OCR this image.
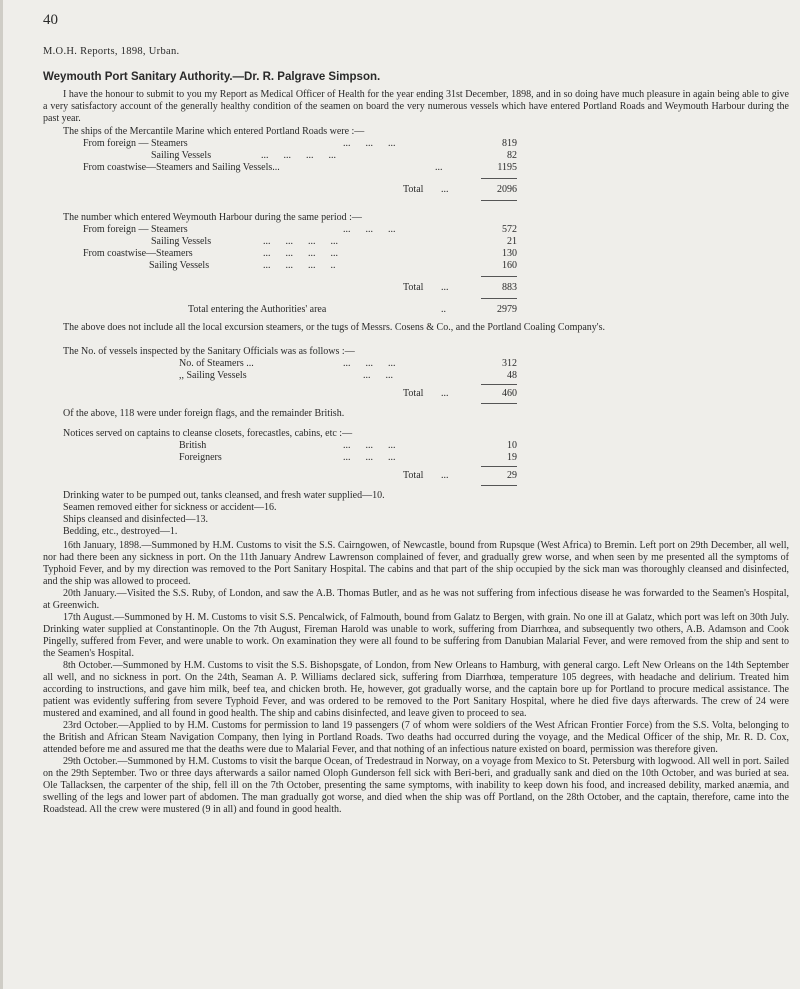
40
M.O.H. Reports, 1898, Urban.
Weymouth Port Sanitary Authority.—Dr. R. Palgrave Simpson.

I have the honour to submit to you my Report as Medical Officer of Health for the year ending 31st December, 1898, and in so doing have much pleasure in again being able to give a very satisfactory account of the generally healthy condition of the seamen on board the very numerous vessels which have entered Portland Roads and Weymouth Harbour during the past year.

The ships of the Mercantile Marine which entered Portland Roads were :—
From foreign — Steamers	...      ...      ...	819
Sailing Vessels	...      ...      ...      ...	82
From coastwise—Steamers and Sailing Vessels...	...	1195
Total ...	2096
The number which entered Weymouth Harbour during the same period :—
From foreign — Steamers	...      ...      ...	572
Sailing Vessels	...      ...      ...      ...	21
From coastwise—Steamers	...      ...      ...      ...	130
Sailing Vessels	...      ...      ...      ..	160
Total ...	883
Total entering the Authorities' area	..	2979

The above does not include all the local excursion steamers, or the tugs of Messrs. Cosens & Co., and the Portland Coaling Company's.

The No. of vessels inspected by the Sanitary Officials was as follows :—
No. of Steamers ...	...      ...      ...	312
,, Sailing Vessels	...      ...	48
Total ...	460
Of the above, 118 were under foreign flags, and the remainder British.
Notices served on captains to cleanse closets, forecastles, cabins, etc :—
British	...      ...      ...	10
Foreigners	...      ...      ...	19
Total ...	29
Drinking water to be pumped out, tanks cleansed, and fresh water supplied—10.
Seamen removed either for sickness or accident—16.
Ships cleansed and disinfected—13.
Bedding, etc., destroyed—1.

16th January, 1898.—Summoned by H.M. Customs to visit the S.S. Cairngowen, of Newcastle, bound from Rupsque (West Africa) to Bremin. Left port on 29th December, all well, nor had there been any sickness in port. On the 11th January Andrew Lawrenson complained of fever, and gradually grew worse, and when seen by me presented all the symptoms of Typhoid Fever, and by my direction was removed to the Port Sanitary Hospital. The cabins and that part of the ship occupied by the sick man was thoroughly cleansed and disinfected, and the ship was allowed to proceed.

20th January.—Visited the S.S. Ruby, of London, and saw the A.B. Thomas Butler, and as he was not suffering from infectious disease he was forwarded to the Seamen's Hospital, at Greenwich.

17th August.—Summoned by H. M. Customs to visit S.S. Pencalwick, of Falmouth, bound from Galatz to Bergen, with grain. No one ill at Galatz, which port was left on 30th July. Drinking water supplied at Constantinople. On the 7th August, Fireman Harold was unable to work, suffering from Diarrhœa, and subsequently two others, A.B. Adamson and Cook Pingelly, suffered from Fever, and were unable to work. On examination they were all found to be suffering from Danubian Malarial Fever, and were removed from the ship and sent to the Seamen's Hospital.

8th October.—Summoned by H.M. Customs to visit the S.S. Bishopsgate, of London, from New Orleans to Hamburg, with general cargo. Left New Orleans on the 14th September all well, and no sickness in port. On the 24th, Seaman A. P. Williams declared sick, suffering from Diarrhœa, temperature 105 degrees, with headache and delirium. Treated him according to instructions, and gave him milk, beef tea, and chicken broth. He, however, got gradually worse, and the captain bore up for Portland to procure medical assistance. The patient was evidently suffering from severe Typhoid Fever, and was ordered to be removed to the Port Sanitary Hospital, where he died five days afterwards. The crew of 24 were mustered and examined, and all found in good health. The ship and cabins disinfected, and leave given to proceed to sea.

23rd October.—Applied to by H.M. Customs for permission to land 19 passengers (7 of whom were soldiers of the West African Frontier Force) from the S.S. Volta, belonging to the British and African Steam Navigation Company, then lying in Portland Roads. Two deaths had occurred during the voyage, and the Medical Officer of the ship, Mr. R. D. Cox, attended before me and assured me that the deaths were due to Malarial Fever, and that nothing of an infectious nature existed on board, permission was therefore given.

29th October.—Summoned by H.M. Customs to visit the barque Ocean, of Tredestraud in Norway, on a voyage from Mexico to St. Petersburg with logwood. All well in port. Sailed on the 29th September. Two or three days afterwards a sailor named Oloph Gunderson fell sick with Beri-beri, and gradually sank and died on the 10th October, and was buried at sea. Ole Tallacksen, the carpenter of the ship, fell ill on the 7th October, presenting the same symptoms, with inability to keep down his food, and increased debility, marked anæmia, and swelling of the legs and lower part of abdomen. The man gradually got worse, and died when the ship was off Portland, on the 28th October, and the captain, therefore, came into the Roadstead. All the crew were mustered (9 in all) and found in good health.
